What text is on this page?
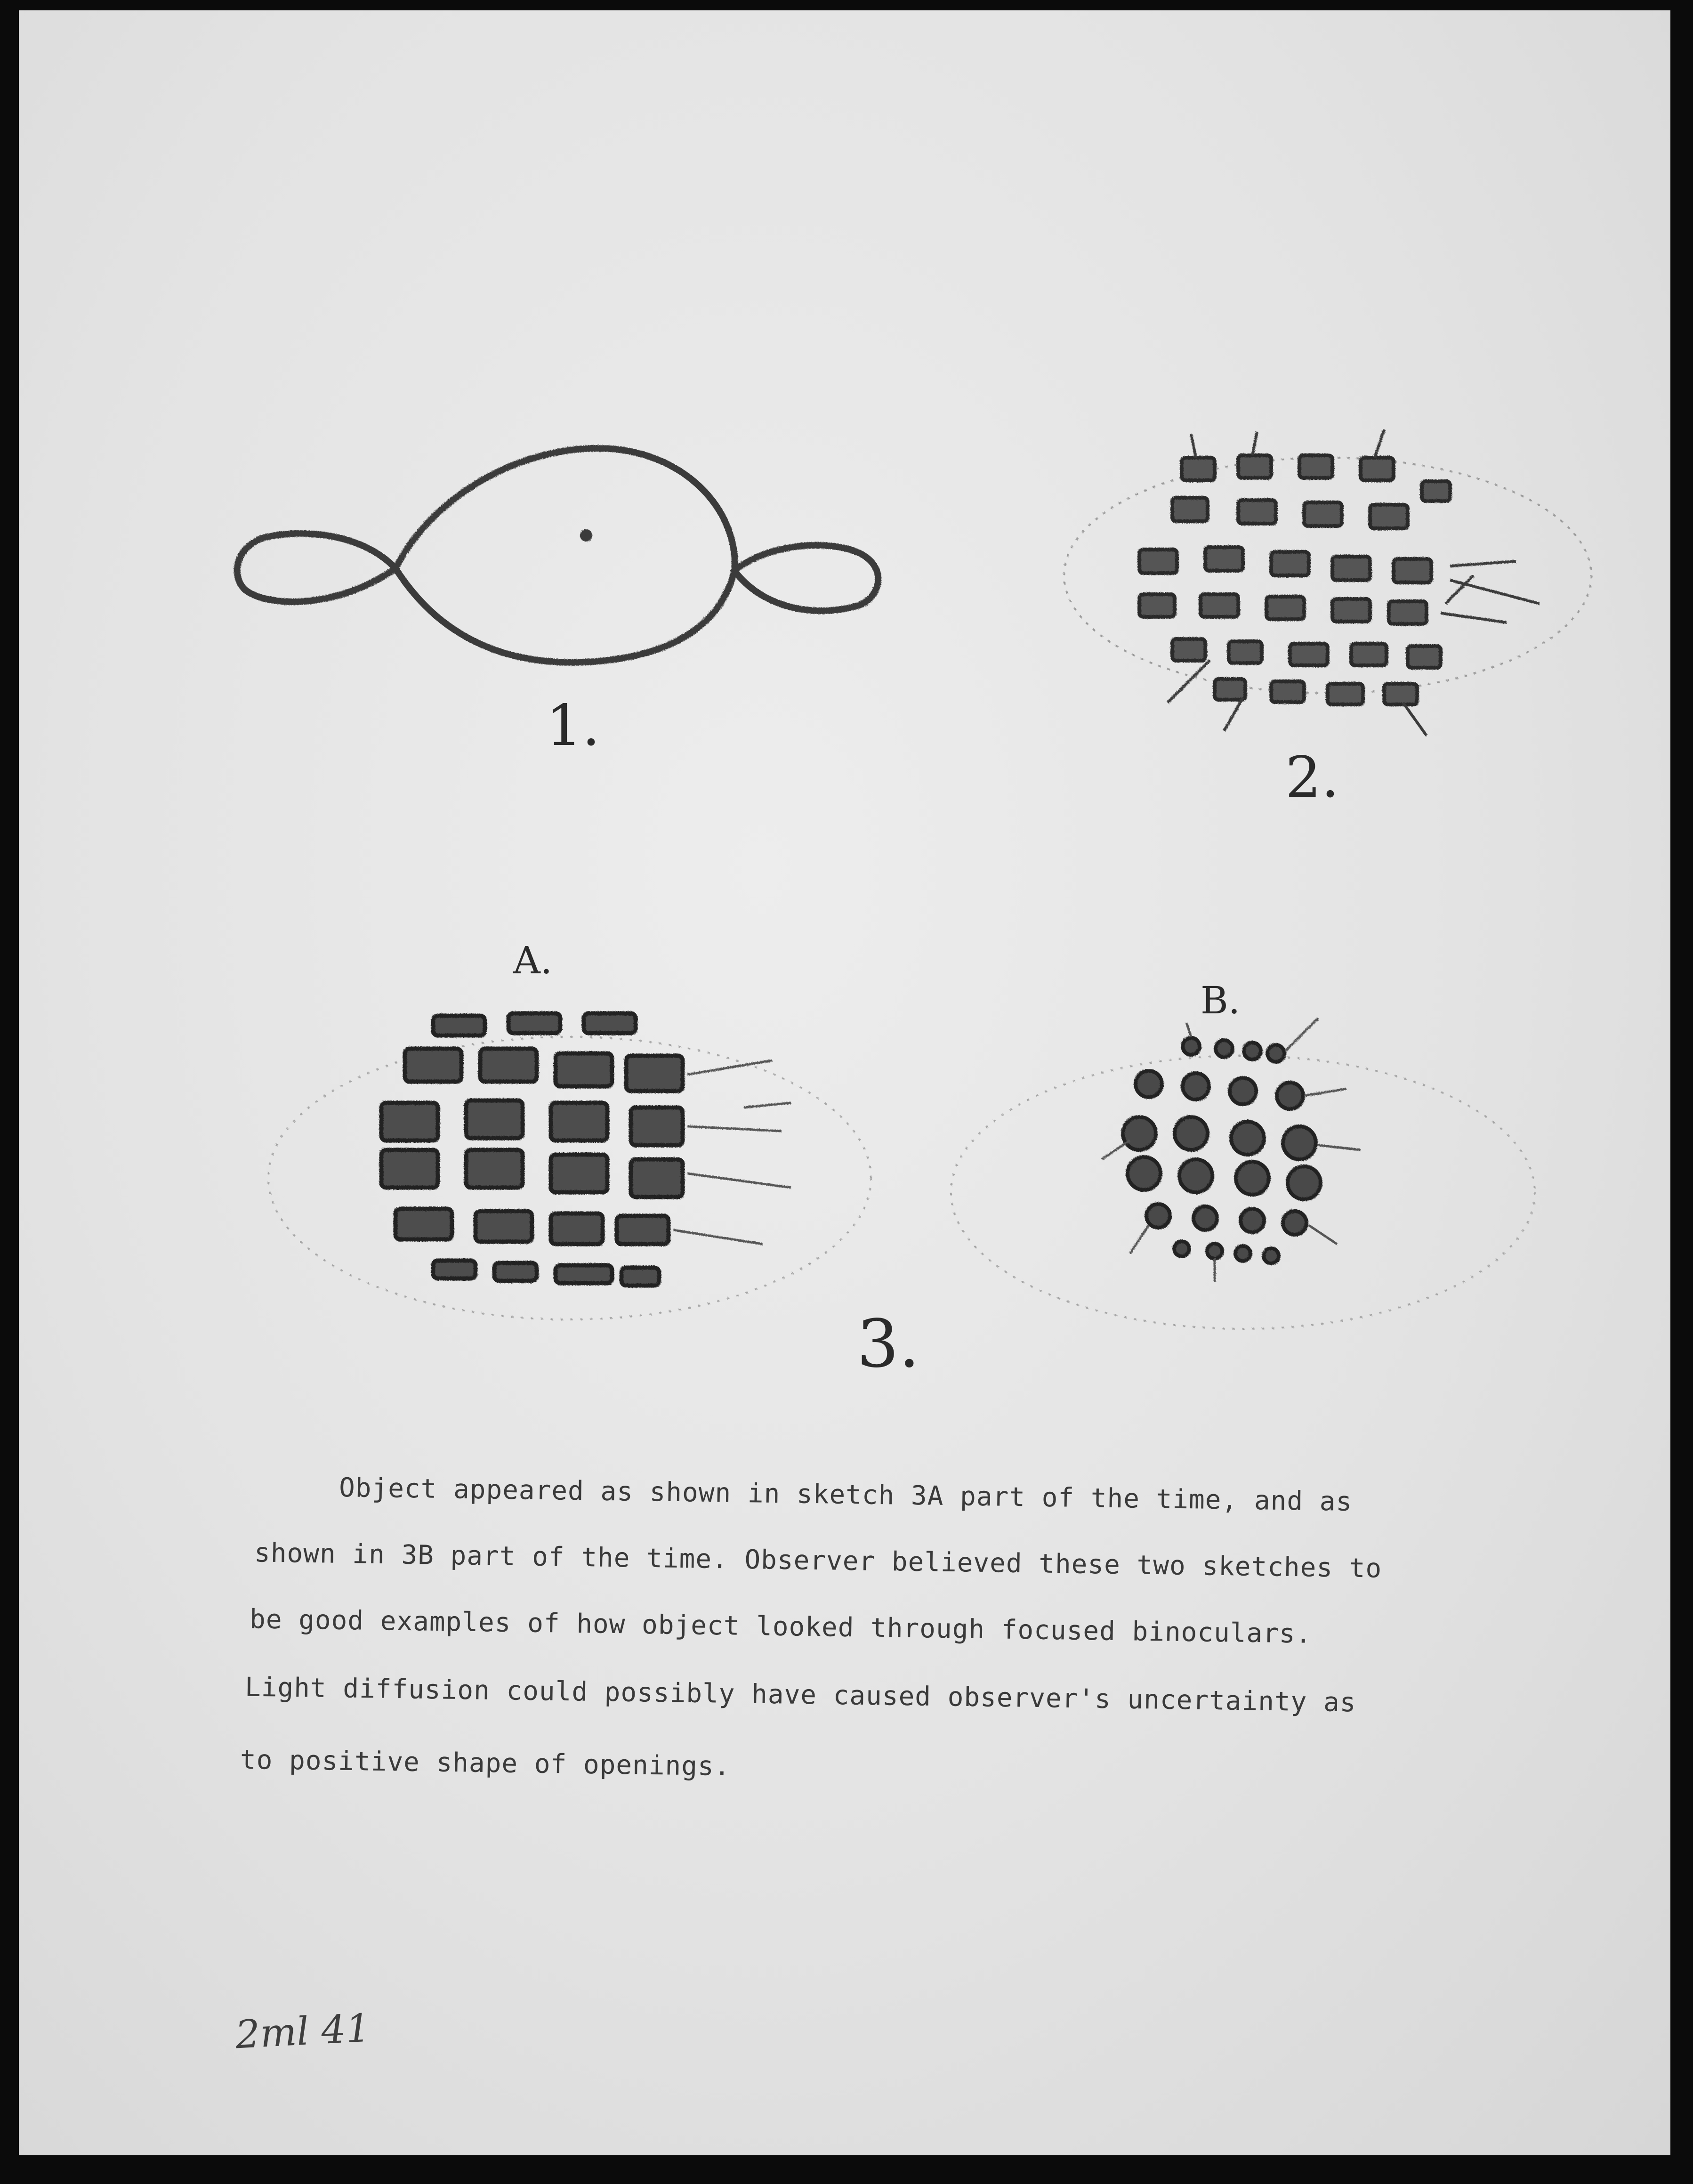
1.
2.
A.
B.
3.
Object appeared as shown in sketch 3A part of the time, and as
shown in 3B part of the time. Observer believed these two sketches to
be good examples of how object looked through focused binoculars.
Light diffusion could possibly have caused observer's uncertainty as
to positive shape of openings.
2ml 41
